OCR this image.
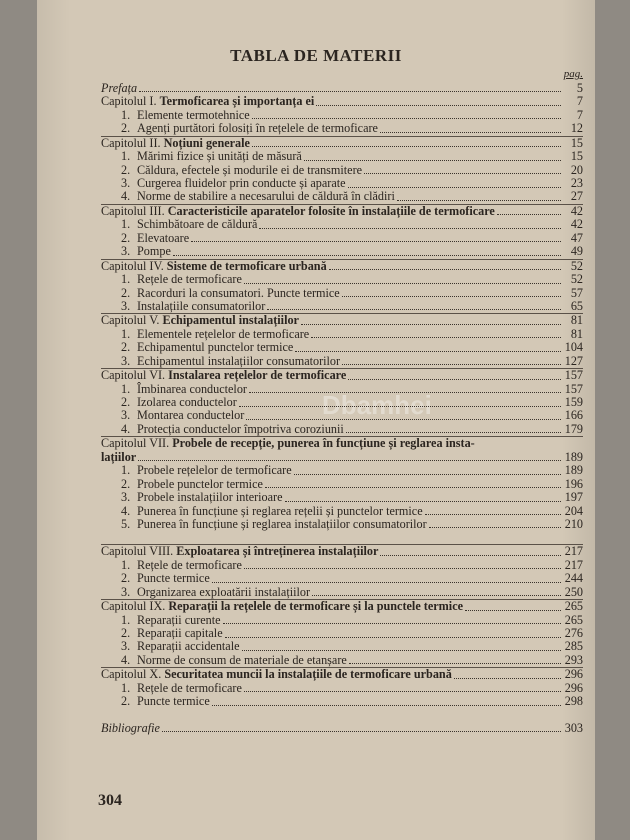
TABLA DE MATERII
pag.
Dbamhei
Prefața	5
Capitolul I. Termoficarea și importanța ei	7
1. Elemente termotehnice	7
2. Agenți purtători folosiți în rețelele de termoficare	12
Capitolul II. Noțiuni generale	15
1. Mărimi fizice și unități de măsură	15
2. Căldura, efectele și modurile ei de transmitere	20
3. Curgerea fluidelor prin conducte și aparate	23
4. Norme de stabilire a necesarului de căldură în clădiri	27
Capitolul III. Caracteristicile aparatelor folosite în instalațiile de termoficare	42
1. Schimbătoare de căldură	42
2. Elevatoare	47
3. Pompe	49
Capitolul IV. Sisteme de termoficare urbană	52
1. Rețele de termoficare	52
2. Racorduri la consumatori. Puncte termice	57
3. Instalațiile consumatorilor	65
Capitolul V. Echipamentul instalațiilor	81
1. Elementele rețelelor de termoficare	81
2. Echipamentul punctelor termice	104
3. Echipamentul instalațiilor consumatorilor	127
Capitolul VI. Instalarea rețelelor de termoficare	157
1. Îmbinarea conductelor	157
2. Izolarea conductelor	159
3. Montarea conductelor	166
4. Protecția conductelor împotriva coroziunii	179
Capitolul VII. Probele de recepție, punerea în funcțiune și reglarea insta-
lațiilor	189
1. Probele rețelelor de termoficare	189
2. Probele punctelor termice	196
3. Probele instalațiilor interioare	197
4. Punerea în funcțiune și reglarea rețelii și punctelor termice	204
5. Punerea în funcțiune și reglarea instalațiilor consumatorilor	210
Capitolul VIII. Exploatarea și întreținerea instalațiilor	217
1. Rețele de termoficare	217
2. Puncte termice	244
3. Organizarea exploatării instalațiilor	250
Capitolul IX. Reparații la rețelele de termoficare și la punctele termice	265
1. Reparații curente	265
2. Reparații capitale	276
3. Reparații accidentale	285
4. Norme de consum de materiale de etanșare	293
Capitolul X. Securitatea muncii la instalațiile de termoficare urbană	296
1. Rețele de termoficare	296
2. Puncte termice	298
Bibliografie	303
304
